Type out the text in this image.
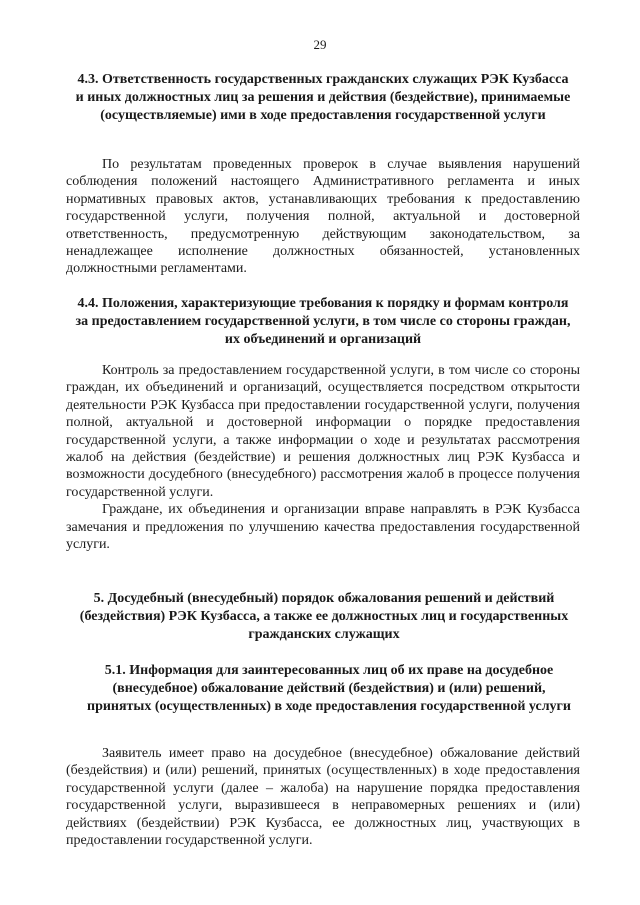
29
4.3. Ответственность государственных гражданских служащих РЭК Кузбасса и иных должностных лиц за решения и действия (бездействие), принимаемые (осуществляемые) ими в ходе предоставления государственной услуги

По результатам проведенных проверок в случае выявления нарушений соблюдения положений настоящего Административного регламента и иных нормативных правовых актов, устанавливающих требования к предоставлению государственной услуги, получения полной, актуальной и достоверной ответственность, предусмотренную действующим законодательством, за ненадлежащее исполнение должностных обязанностей, установленных должностными регламентами.

4.4. Положения, характеризующие требования к порядку и формам контроля за предоставлением государственной услуги, в том числе со стороны граждан, их объединений и организаций

Контроль за предоставлением государственной услуги, в том числе со стороны граждан, их объединений и организаций, осуществляется посредством открытости деятельности РЭК Кузбасса при предоставлении государственной услуги, получения полной, актуальной и достоверной информации о порядке предоставления государственной услуги, а также информации о ходе и результатах рассмотрения жалоб на действия (бездействие) и решения должностных лиц РЭК Кузбасса и возможности досудебного (внесудебного) рассмотрения жалоб в процессе получения государственной услуги.

Граждане, их объединения и организации вправе направлять в РЭК Кузбасса замечания и предложения по улучшению качества предоставления государственной услуги.

5. Досудебный (внесудебный) порядок обжалования решений и действий (бездействия) РЭК Кузбасса, а также ее должностных лиц и государственных гражданских служащих
5.1. Информация для заинтересованных лиц об их праве на досудебное (внесудебное) обжалование действий (бездействия) и (или) решений, принятых (осуществленных) в ходе предоставления государственной услуги

Заявитель имеет право на досудебное (внесудебное) обжалование действий (бездействия) и (или) решений, принятых (осуществленных) в ходе предоставления государственной услуги (далее – жалоба) на нарушение порядка предоставления государственной услуги, выразившееся в неправомерных решениях и (или) действиях (бездействии) РЭК Кузбасса, ее должностных лиц, участвующих в предоставлении государственной услуги.
